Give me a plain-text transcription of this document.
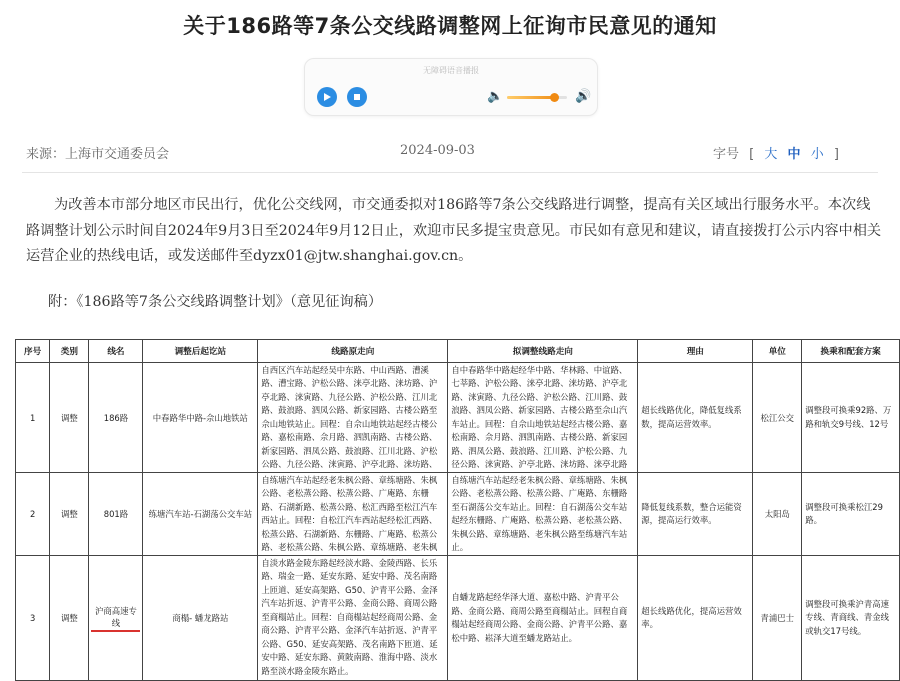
关于186路等7条公交线路调整网上征询市民意见的通知
无障碍语音播报
🔈	🔊
来源：上海市交通委员会	2024-09-03	字号 [ 大 中 小 ]
为改善本市部分地区市民出行，优化公交线网，市交通委拟对186路等7条公交线路进行调整，提高有关区域出行服务水平。本次线路调整计划公示时间自2024年9月3日至2024年9月12日止，欢迎市民多提宝贵意见。市民如有意见和建议，请直接拨打公示内容中相关运营企业的热线电话，或发送邮件至dyzx01@jtw.shanghai.gov.cn。
附：《186路等7条公交线路调整计划》（意见征询稿）
序号	类别	线名	调整后起讫站	线路原走向	拟调整线路走向	理由	单位	换乘和配套方案
1	调整	186路	中春路华中路-佘山地铁站	自西区汽车站起经吴中东路、中山西路、漕溪路、漕宝路、沪松公路、涞亭北路、涞坊路、沪亭北路、涞寅路、九径公路、沪松公路、江川北路、鼓浪路、泗凤公路、新家园路、古楼公路至佘山地铁站止。回程：自佘山地铁站起经古楼公路、嘉松南路、佘月路、泗凯南路、古楼公路、新家园路、泗凤公路、鼓浪路、江川北路、沪松公路、九径公路、涞寅路、沪亭北路、涞坊路、	自中春路华中路起经华中路、华林路、中谊路、七莘路、沪松公路、涞亭北路、涞坊路、沪亭北路、涞寅路、九径公路、沪松公路、江川路、鼓浪路、泗凤公路、新家园路、古楼公路至佘山汽车站止。回程：自佘山地铁站起经古楼公路、嘉松南路、佘月路、泗凯南路、古楼公路、新家园路、泗凤公路、鼓浪路、江川路、沪松公路、九径公路、涞寅路、沪亭北路、涞坊路、涞亭北路	超长线路优化，降低复线系数，提高运营效率。	松江公交	调整段可换乘92路、万路和轨交9号线、12号
2	调整	801路	练塘汽车站-石湖荡公交车站	自练塘汽车站起经老朱枫公路、章练塘路、朱枫公路、老松蒸公路、松蒸公路、广庵路、东栅路、石湖新路、松蒸公路、松汇西路至松江汽车西站止。回程：自松江汽车西站起经松汇西路、松蒸公路、石湖新路、东栅路、广庵路、松蒸公路、老松蒸公路、朱枫公路、章练塘路、老朱枫	自练塘汽车站起经老朱枫公路、章练塘路、朱枫公路、老松蒸公路、松蒸公路、广庵路、东栅路至石湖荡公交车站止。回程：自石湖荡公交车站起经东栅路、广庵路、松蒸公路、老松蒸公路、朱枫公路、章练塘路、老朱枫公路至练塘汽车站止。	降低复线系数，整合运能资源，提高运行效率。	太阳岛	调整段可换乘松江29路。
3	调整	沪商高速专线	商榻- 蟠龙路站	自淡水路金陵东路起经淡水路、金陵西路、长乐路、瑞金一路、延安东路、延安中路、茂名南路上匝道、延安高架路、G50、沪青平公路、金泽汽车站折返、沪青平公路、金商公路、商周公路至商榻站止。回程：自商榻站起经商周公路、金商公路、沪青平公路、金泽汽车站折返、沪青平公路、G50、延安高架路、茂名南路下匝道、延安中路、延安东路、黄陂南路、淮海中路、淡水路至淡水路金陵东路止。	自蟠龙路起经华泽大道、嘉松中路、沪青平公路、金商公路、商周公路至商榻站止。回程自商榻站起经商周公路、金商公路、沪青平公路、嘉松中路、崧泽大道至蟠龙路站止。	超长线路优化，提高运营效率。	青浦巴士	调整段可换乘沪青高速专线、青商线、青金线或轨交17号线。
